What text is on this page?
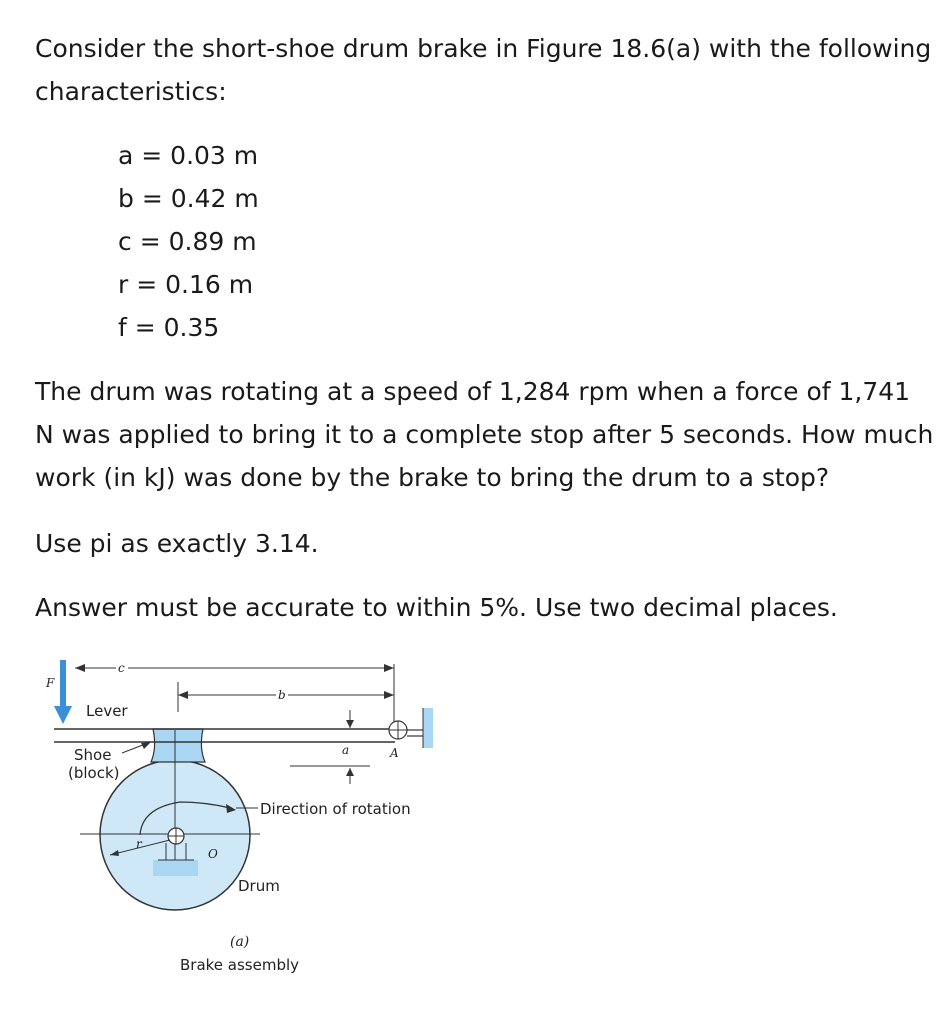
Consider the short-shoe drum brake in Figure 18.6(a) with the following characteristics:

a = 0.03 m
b = 0.42 m
c = 0.89 m
r = 0.16 m
f = 0.35

The drum was rotating at a speed of 1,284 rpm when a force of 1,741 N was applied to bring it to a complete stop after 5 seconds. How much work (in kJ) was done by the brake to bring the drum to a stop?

Use pi as exactly 3.14.

Answer must be accurate to within 5%. Use two decimal places.

Direction of rotation
r
O
Drum
F
c
b
a	A
Lever
Shoe
(block)
(a)
Brake assembly
